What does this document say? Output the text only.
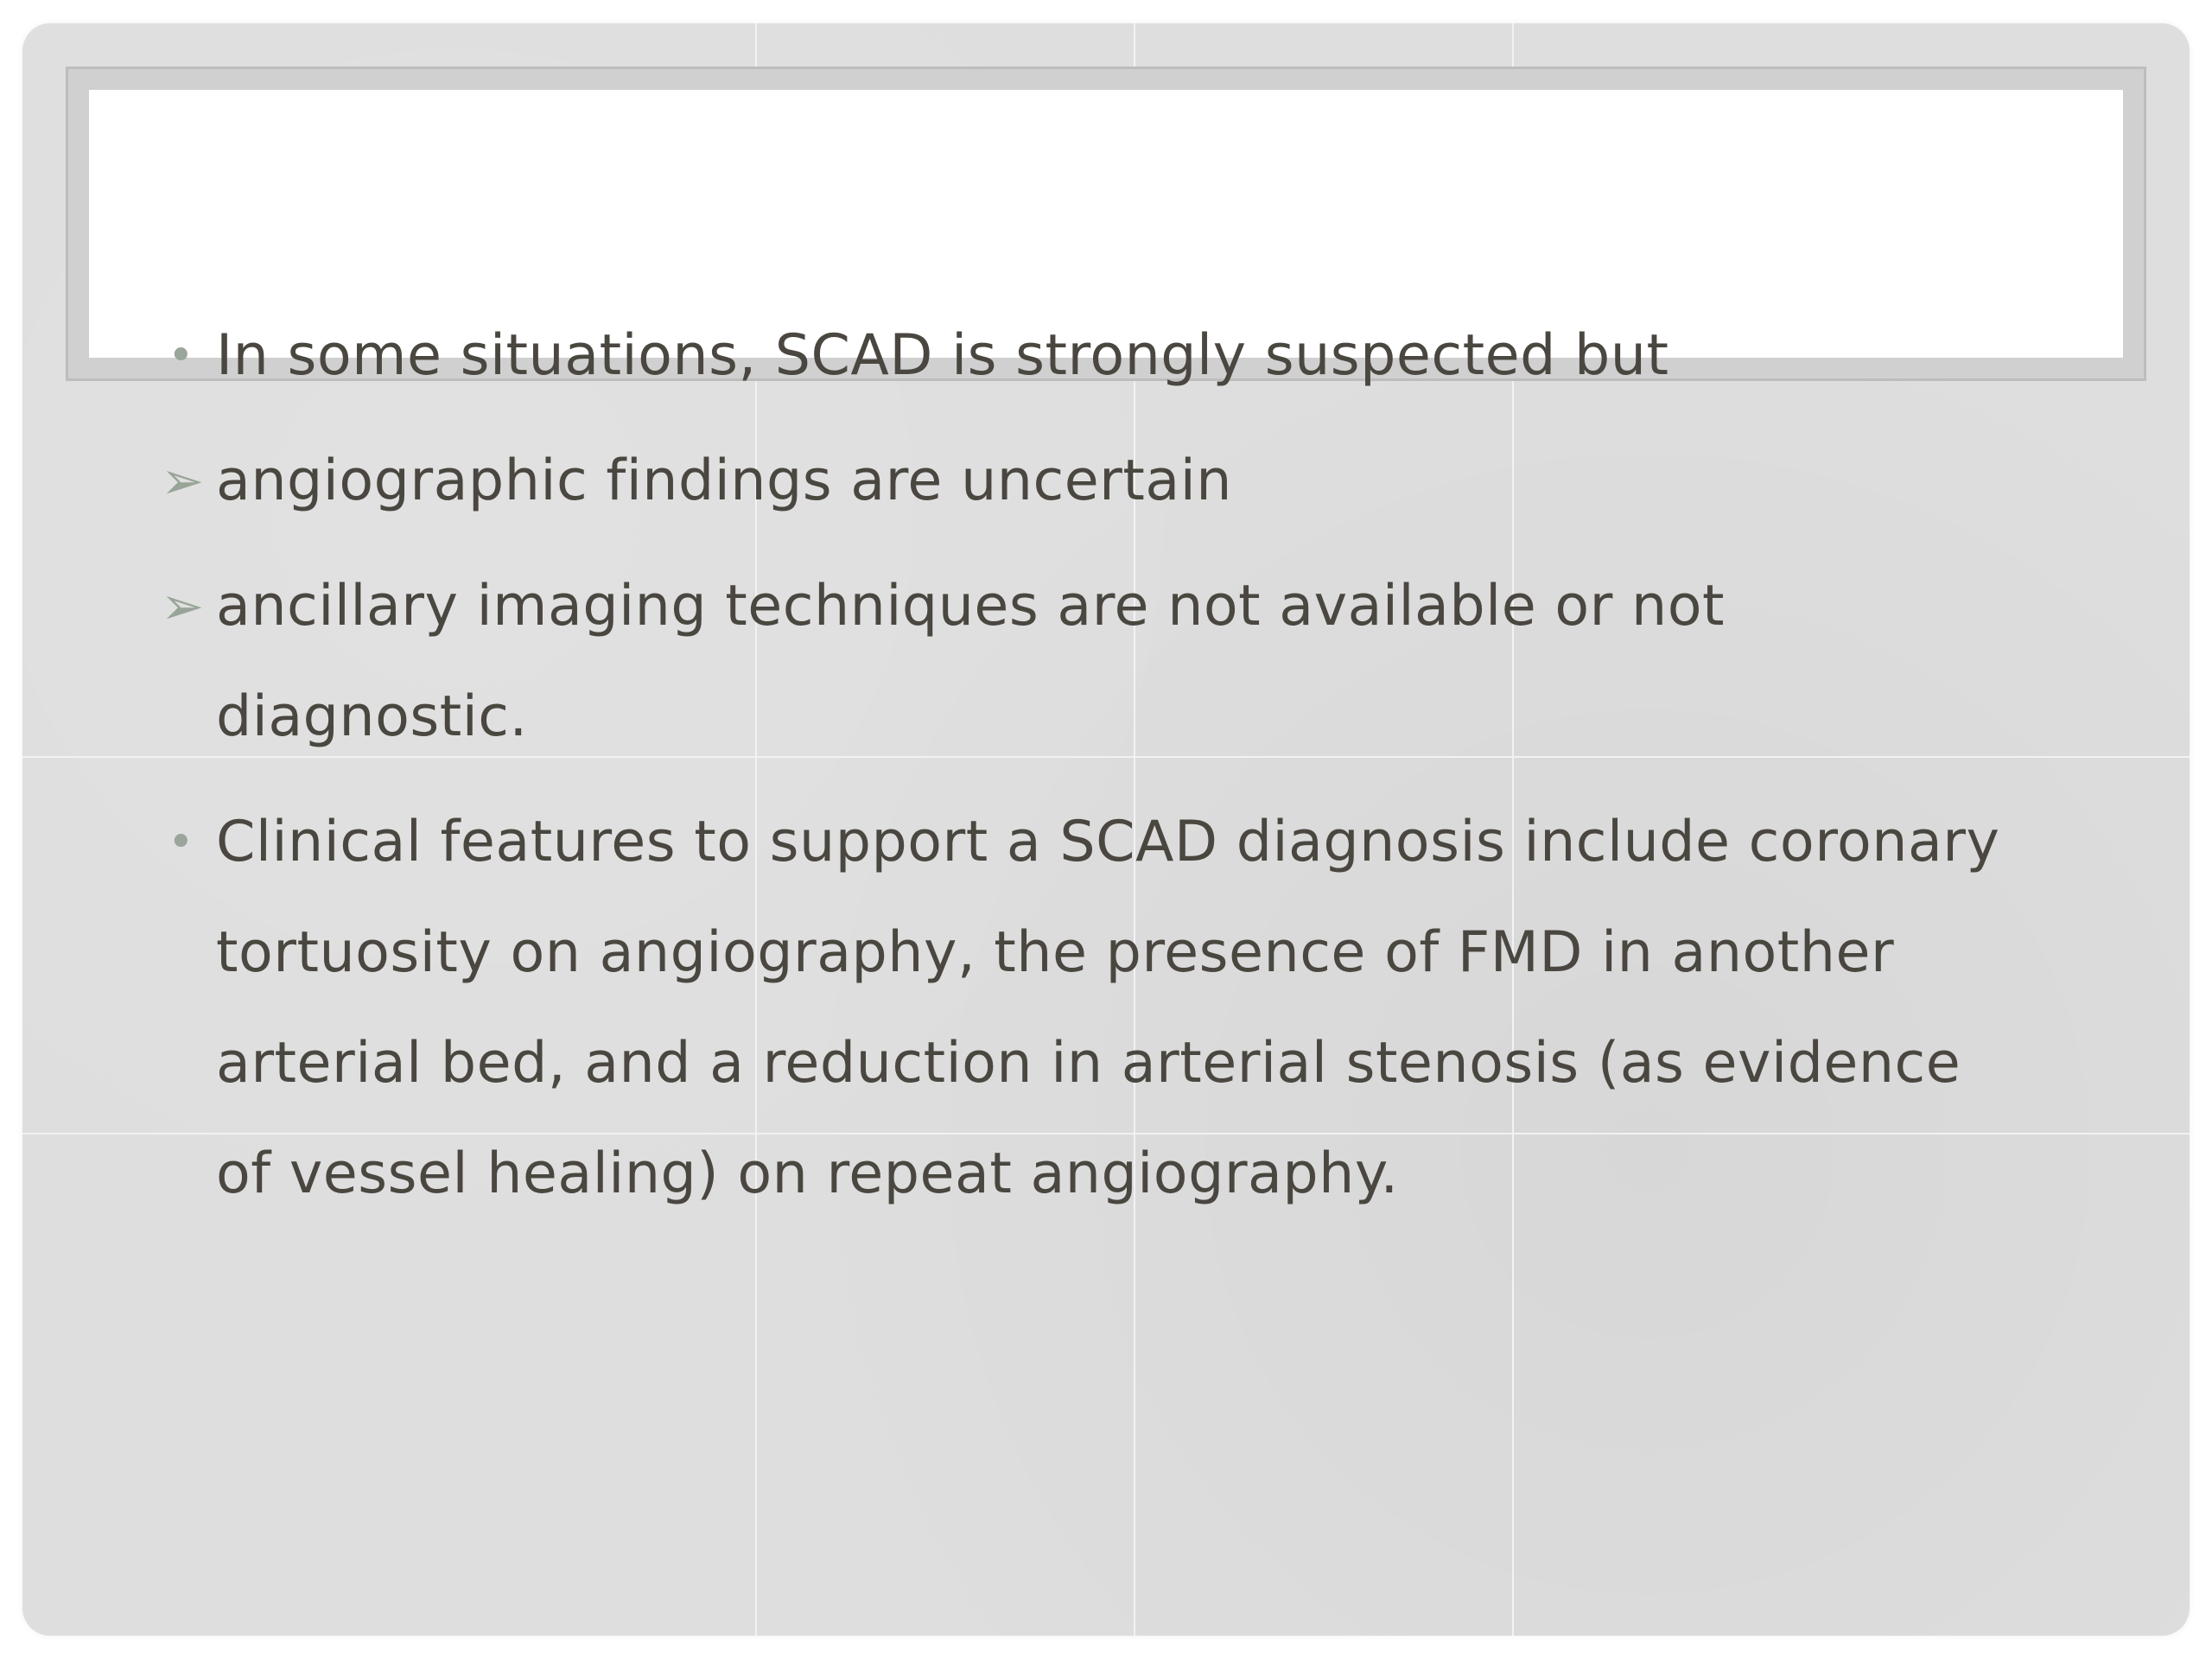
• In some situations, SCAD is strongly suspected but
➢ angiographic findings are uncertain
➢ ancillary imaging techniques are not available or not
diagnostic.
• Clinical features to support a SCAD diagnosis include coronary
tortuosity on angiography, the presence of FMD in another
arterial bed, and a reduction in arterial stenosis (as evidence
of vessel healing) on repeat angiography.
